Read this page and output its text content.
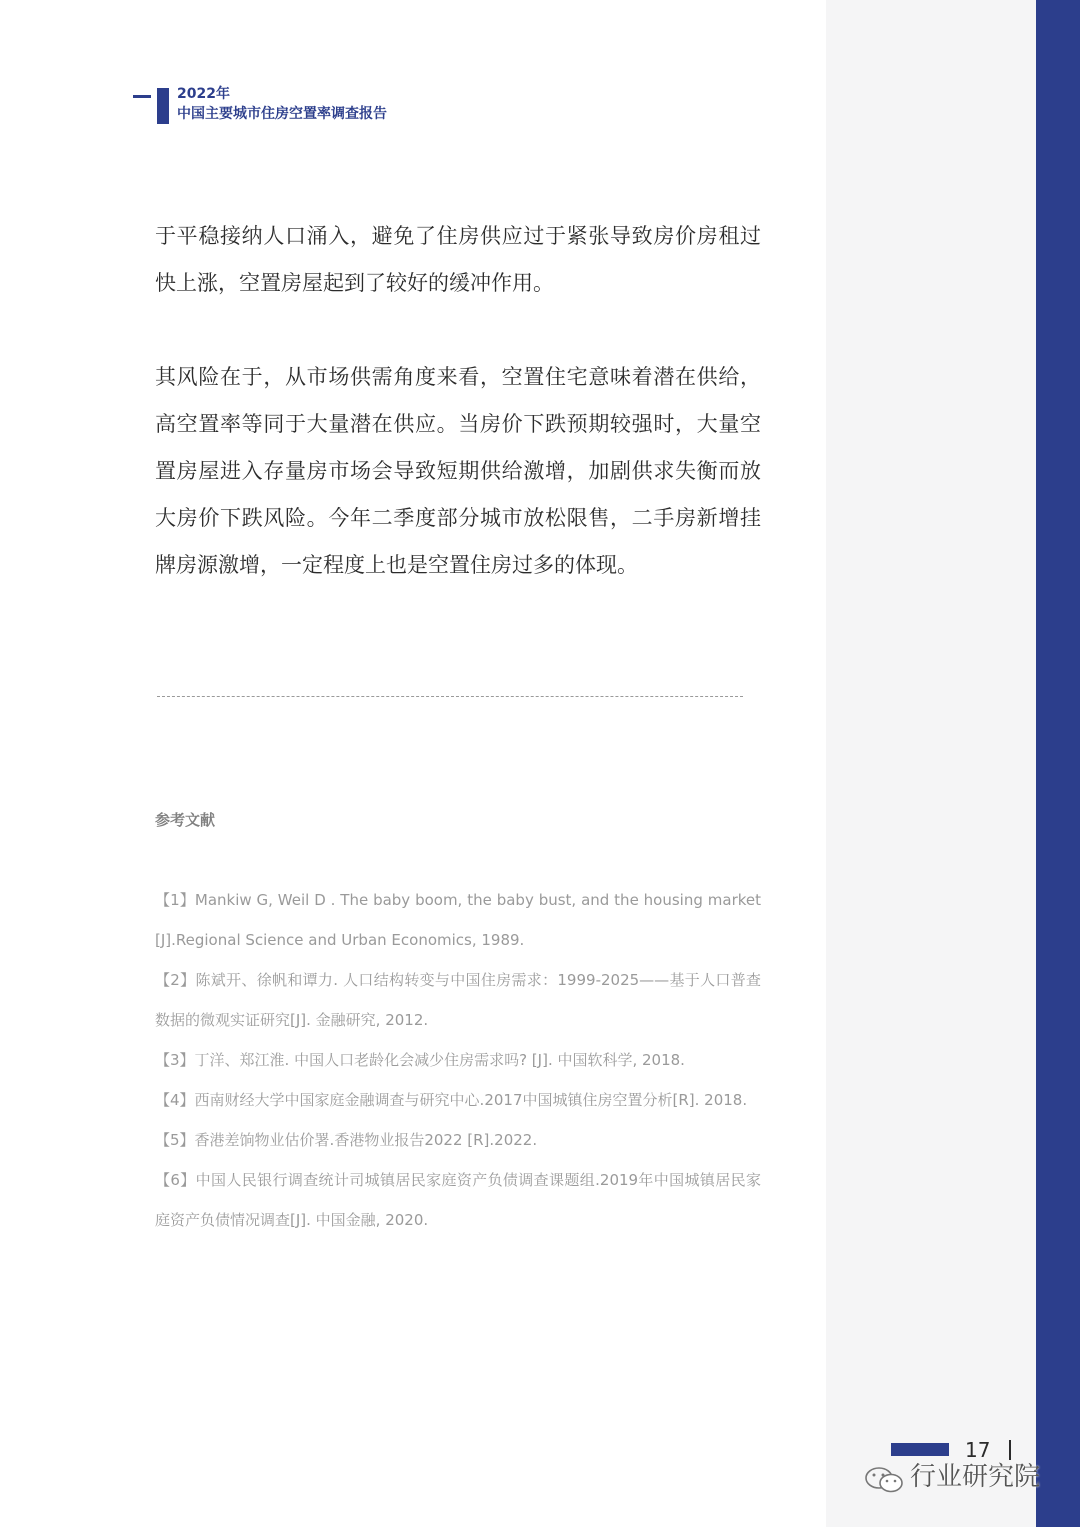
2022年
中国主要城市住房空置率调查报告

于平稳接纳人口涌入，避免了住房供应过于紧张导致房价房租过快上涨，空置房屋起到了较好的缓冲作用。

其风险在于，从市场供需角度来看，空置住宅意味着潜在供给，高空置率等同于大量潜在供应。当房价下跌预期较强时，大量空置房屋进入存量房市场会导致短期供给激增，加剧供求失衡而放大房价下跌风险。今年二季度部分城市放松限售，二手房新增挂牌房源激增，一定程度上也是空置住房过多的体现。

参考文献
【1】Mankiw G, Weil D . The baby boom, the baby bust, and the housing market [J].Regional Science and Urban Economics, 1989.
【2】陈斌开、徐帆和谭力. 人口结构转变与中国住房需求：1999-2025——基于人口普查数据的微观实证研究[J]. 金融研究, 2012.
【3】丁洋、郑江淮. 中国人口老龄化会减少住房需求吗? [J]. 中国软科学, 2018.
【4】西南财经大学中国家庭金融调查与研究中心.2017中国城镇住房空置分析[R]. 2018.
【5】香港差饷物业估价署.香港物业报告2022 [R].2022.
【6】中国人民银行调查统计司城镇居民家庭资产负债调查课题组.2019年中国城镇居民家庭资产负债情况调查[J]. 中国金融, 2020.
17
行业研究院
